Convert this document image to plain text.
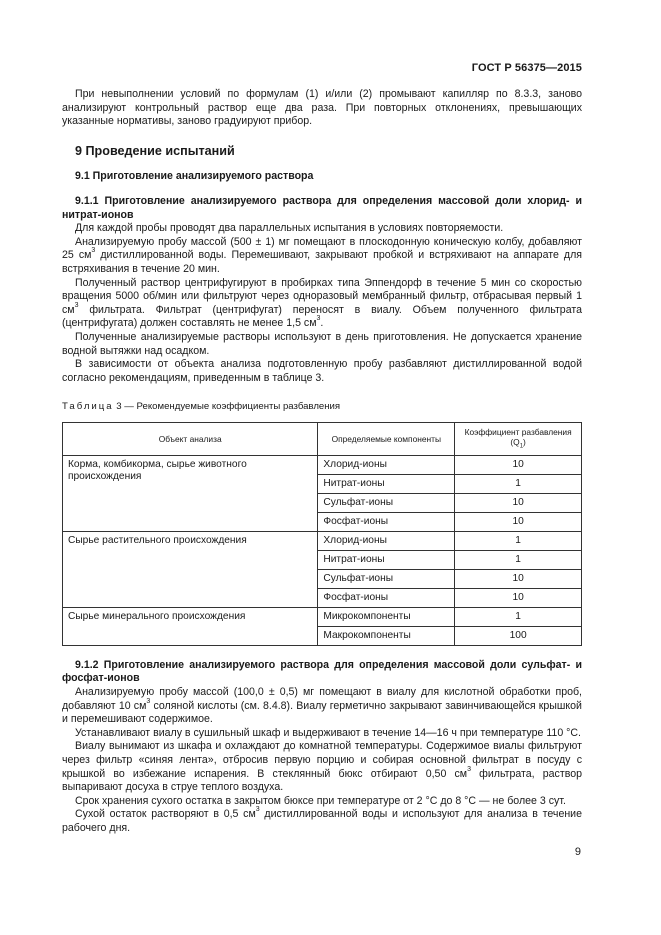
ГОСТ Р 56375—2015

При невыполнении условий по формулам (1) и/или (2) промывают капилляр по 8.3.3, заново анализируют контрольный раствор еще два раза. При повторных отклонениях, превышающих указанные нормативы, заново градуируют прибор.

9 Проведение испытаний
9.1 Приготовление анализируемого раствора

9.1.1 Приготовление анализируемого раствора для определения массовой доли хлорид- и нитрат-ионов

Для каждой пробы проводят два параллельных испытания в условиях повторяемости.

Анализируемую пробу массой (500 ± 1) мг помещают в плоскодонную коническую колбу, добавляют 25 $см^3$ дистиллированной воды. Перемешивают, закрывают пробкой и встряхивают на аппарате для встряхивания в течение 20 мин.

Полученный раствор центрифугируют в пробирках типа Эппендорф в течение 5 мин со скоростью вращения 5000 об/мин или фильтруют через одноразовый мембранный фильтр, отбрасывая первый 1 $см^3$ фильтрата. Фильтрат (центрифугат) переносят в виалу. Объем полученного фильтрата (центрифугата) должен составлять не менее 1,5 $см^3$.

Полученные анализируемые растворы используют в день приготовления. Не допускается хранение водной вытяжки над осадком.

В зависимости от объекта анализа подготовленную пробу разбавляют дистиллированной водой согласно рекомендациям, приведенным в таблице 3.

Таблица 3 — Рекомендуемые коэффициенты разбавления
Объект анализа	Определяемые компоненты	Коэффициент разбавления $(Q_1)$
Корма, комбикорма, сырье животного происхождения	Хлорид-ионы	10
	Нитрат-ионы	1
	Сульфат-ионы	10
	Фосфат-ионы	10
Сырье растительного происхождения	Хлорид-ионы	1
	Нитрат-ионы	1
	Сульфат-ионы	10
	Фосфат-ионы	10
Сырье минерального происхождения	Микрокомпоненты	1
	Макрокомпоненты	100

9.1.2 Приготовление анализируемого раствора для определения массовой доли сульфат- и фосфат-ионов

Анализируемую пробу массой (100,0 ± 0,5) мг помещают в виалу для кислотной обработки проб, добавляют 10 $см^3$ соляной кислоты (см. 8.4.8). Виалу герметично закрывают завинчивающейся крышкой и перемешивают содержимое.

Устанавливают виалу в сушильный шкаф и выдерживают в течение 14—16 ч при температуре 110 °С.

Виалу вынимают из шкафа и охлаждают до комнатной температуры. Содержимое виалы фильтруют через фильтр «синяя лента», отбросив первую порцию и собирая основной фильтрат в посуду с крышкой во избежание испарения. В стеклянный бюкс отбирают 0,50 $см^3$ фильтрата, раствор выпаривают досуха в струе теплого воздуха.

Срок хранения сухого остатка в закрытом бюксе при температуре от 2 °С до 8 °С — не более 3 сут.

Сухой остаток растворяют в 0,5 $см^3$ дистиллированной воды и используют для анализа в течение рабочего дня.

9
